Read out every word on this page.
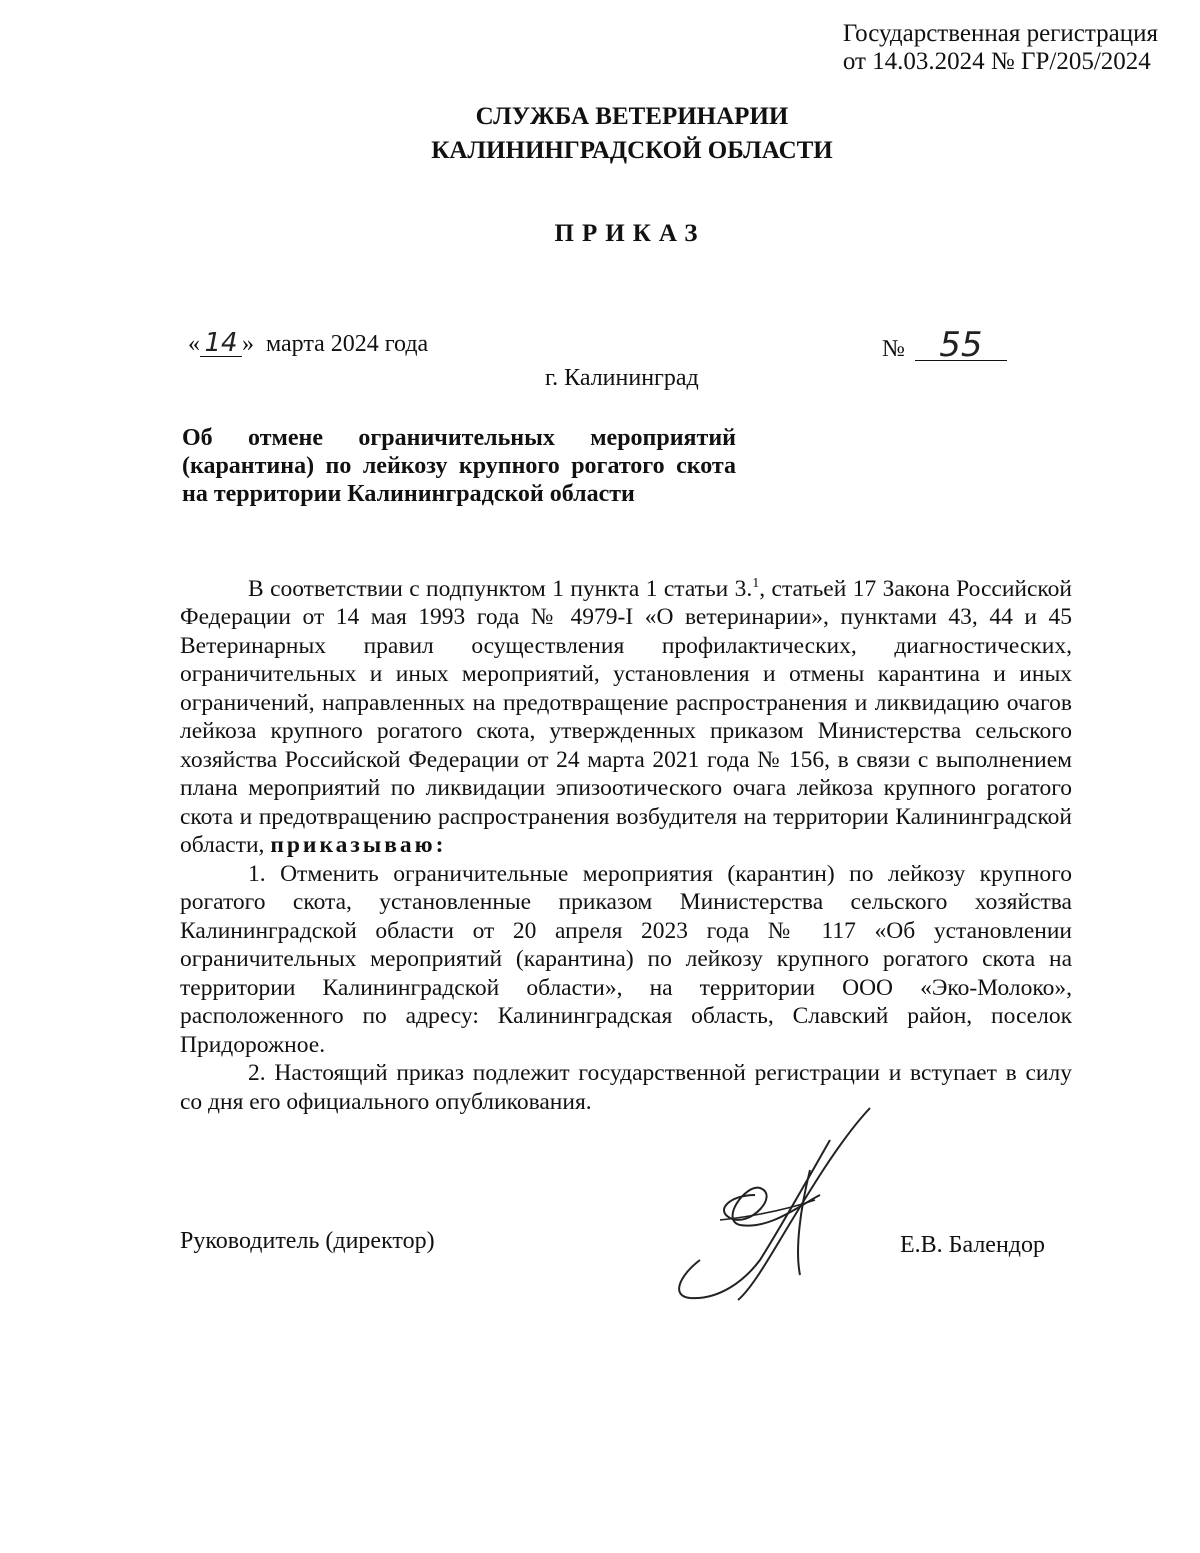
Государственная регистрация
от 14.03.2024 № ГР/205/2024
СЛУЖБА ВЕТЕРИНАРИИ
КАЛИНИНГРАДСКОЙ ОБЛАСТИ
ПРИКАЗ
« 14 » марта 2024 года	№ 55
г. Калининград
Об отмене ограничительных мероприятий (карантина) по лейкозу крупного рогатого скота на территории Калининградской области

В соответствии с подпунктом 1 пункта 1 статьи 3.$^1$, статьей 17 Закона Российской Федерации от 14 мая 1993 года № 4979-I «О ветеринарии», пунктами 43, 44 и 45 Ветеринарных правил осуществления профилактических, диагностических, ограничительных и иных мероприятий, установления и отмены карантина и иных ограничений, направленных на предотвращение распространения и ликвидацию очагов лейкоза крупного рогатого скота, утвержденных приказом Министерства сельского хозяйства Российской Федерации от 24 марта 2021 года № 156, в связи с выполнением плана мероприятий по ликвидации эпизоотического очага лейкоза крупного рогатого скота и предотвращению распространения возбудителя на территории Калининградской области, приказываю:

1. Отменить ограничительные мероприятия (карантин) по лейкозу крупного рогатого скота, установленные приказом Министерства сельского хозяйства Калининградской области от 20 апреля 2023 года № 117 «Об установлении ограничительных мероприятий (карантина) по лейкозу крупного рогатого скота на территории Калининградской области», на территории ООО «Эко-Молоко», расположенного по адресу: Калининградская область, Славский район, поселок Придорожное.

2. Настоящий приказ подлежит государственной регистрации и вступает в силу со дня его официального опубликования.

Руководитель (директор)	Е.В. Балендор
